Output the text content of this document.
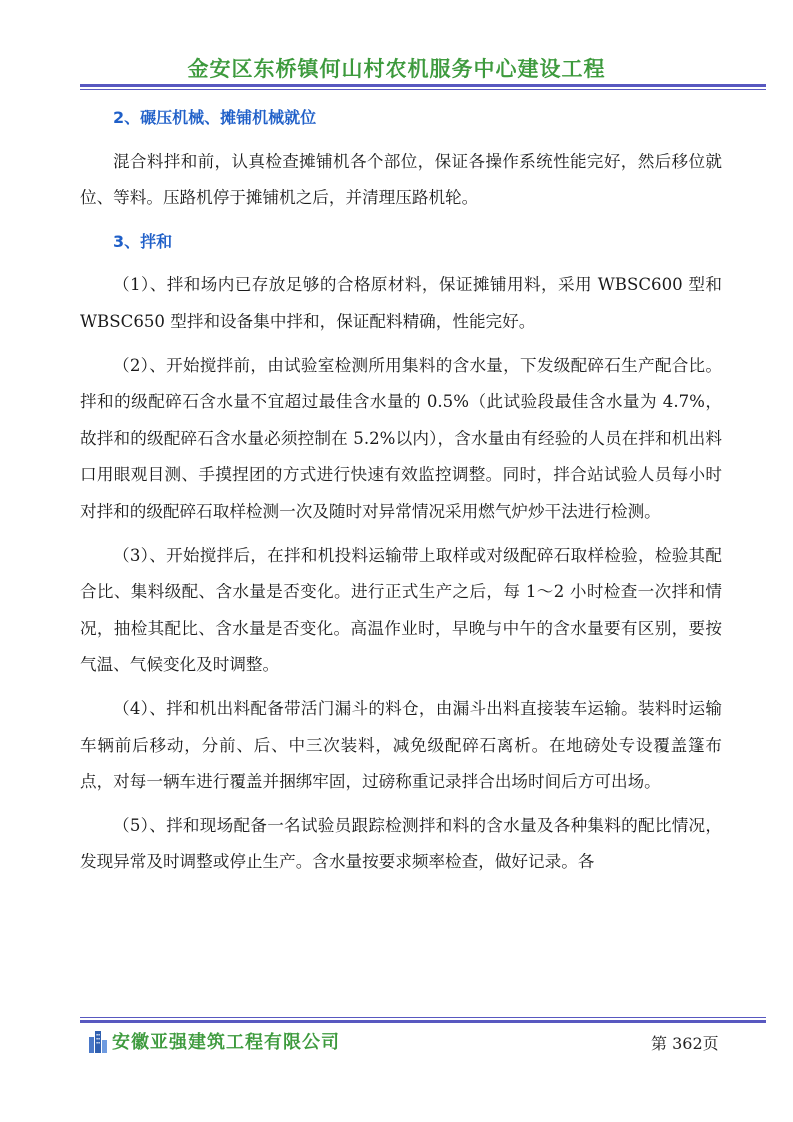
金安区东桥镇何山村农机服务中心建设工程

2、碾压机械、摊铺机械就位

混合料拌和前，认真检查摊铺机各个部位，保证各操作系统性能完好，然后移位就位、等料。压路机停于摊铺机之后，并清理压路机轮。

3、拌和

（1）、拌和场内已存放足够的合格原材料，保证摊铺用料，采用 WBSC600 型和 WBSC650 型拌和设备集中拌和，保证配料精确，性能完好。

（2）、开始搅拌前，由试验室检测所用集料的含水量，下发级配碎石生产配合比。拌和的级配碎石含水量不宜超过最佳含水量的 0.5%（此试验段最佳含水量为 4.7%，故拌和的级配碎石含水量必须控制在 5.2%以内），含水量由有经验的人员在拌和机出料口用眼观目测、手摸捏团的方式进行快速有效监控调整。同时，拌合站试验人员每小时对拌和的级配碎石取样检测一次及随时对异常情况采用燃气炉炒干法进行检测。

（3）、开始搅拌后，在拌和机投料运输带上取样或对级配碎石取样检验，检验其配合比、集料级配、含水量是否变化。进行正式生产之后，每 1～2 小时检查一次拌和情况，抽检其配比、含水量是否变化。高温作业时，早晚与中午的含水量要有区别，要按气温、气候变化及时调整。

（4）、拌和机出料配备带活门漏斗的料仓，由漏斗出料直接装车运输。装料时运输车辆前后移动，分前、后、中三次装料，减免级配碎石离析。在地磅处专设覆盖篷布点，对每一辆车进行覆盖并捆绑牢固，过磅称重记录拌合出场时间后方可出场。

（5）、拌和现场配备一名试验员跟踪检测拌和料的含水量及各种集料的配比情况，发现异常及时调整或停止生产。含水量按要求频率检查，做好记录。各

安徽亚强建筑工程有限公司	第 362页
